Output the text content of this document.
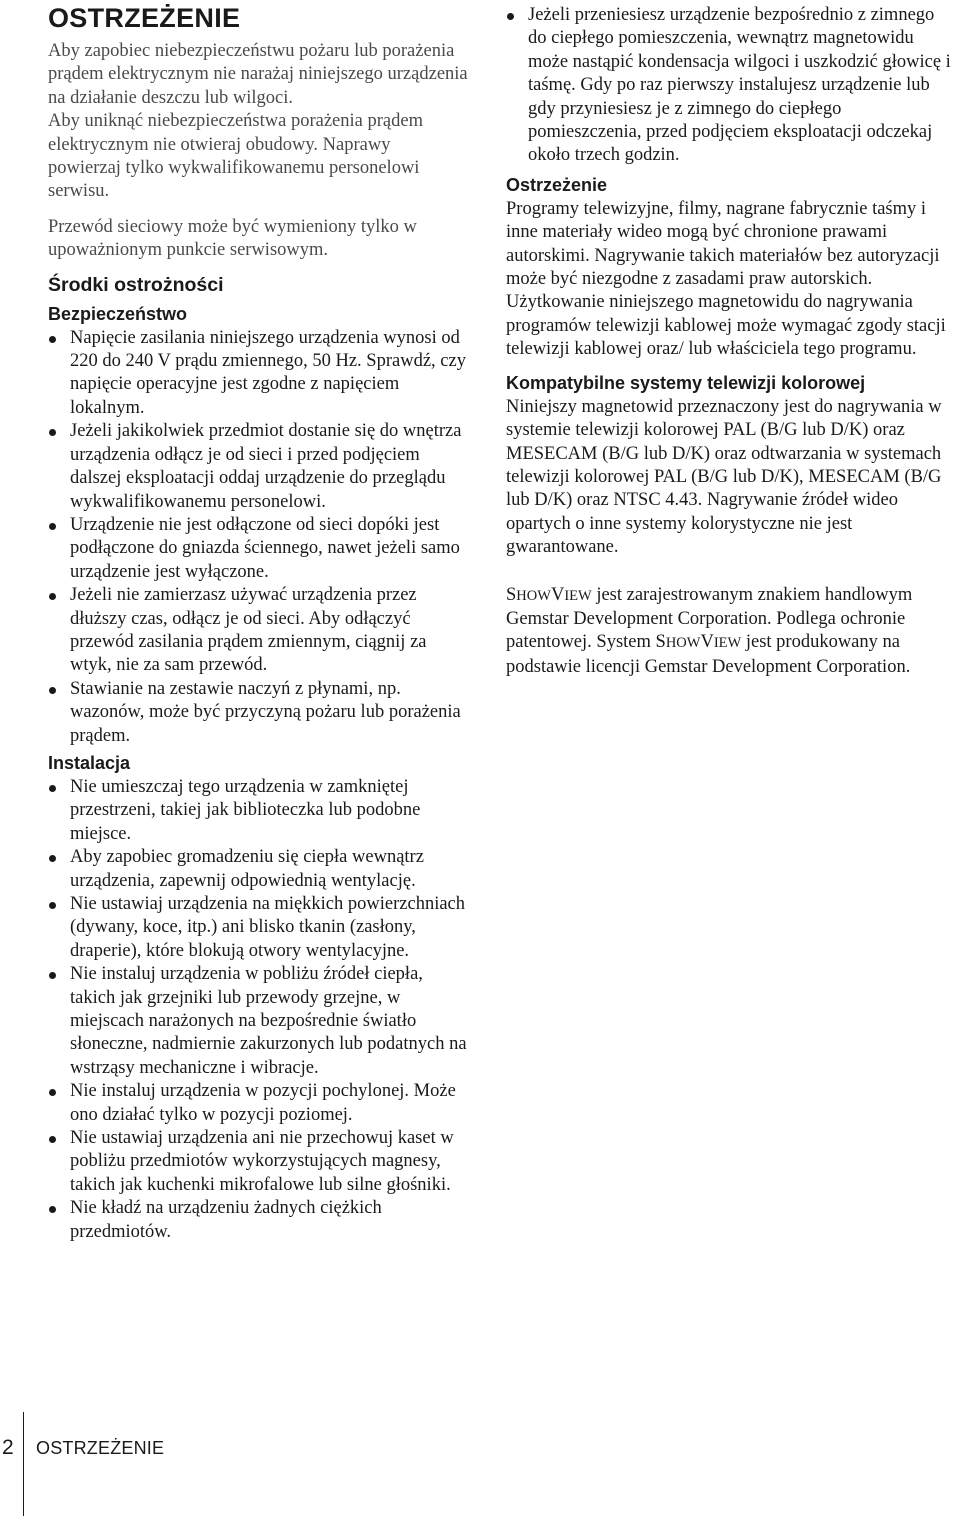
OSTRZEŻENIE

Aby zapobiec niebezpieczeństwu pożaru lub porażenia prądem elektrycznym nie narażaj niniejszego urządzenia na działanie deszczu lub wilgoci.

Aby uniknąć niebezpieczeństwa porażenia prądem elektrycznym nie otwieraj obudowy. Naprawy powierzaj tylko wykwalifikowanemu personelowi serwisu.

Przewód sieciowy może być wymieniony tylko w upoważnionym punkcie serwisowym.

Środki ostrożności
Bezpieczeństwo
Napięcie zasilania niniejszego urządzenia wynosi od 220 do 240 V prądu zmiennego, 50 Hz. Sprawdź, czy napięcie operacyjne jest zgodne z napięciem lokalnym.
Jeżeli jakikolwiek przedmiot dostanie się do wnętrza urządzenia odłącz je od sieci i przed podjęciem dalszej eksploatacji oddaj urządzenie do przeglądu wykwalifikowanemu personelowi.
Urządzenie nie jest odłączone od sieci dopóki jest podłączone do gniazda ściennego, nawet jeżeli samo urządzenie jest wyłączone.
Jeżeli nie zamierzasz używać urządzenia przez dłuższy czas, odłącz je od sieci. Aby odłączyć przewód zasilania prądem zmiennym, ciągnij za wtyk, nie za sam przewód.
Stawianie na zestawie naczyń z płynami, np. wazonów, może być przyczyną pożaru lub porażenia prądem.
Instalacja
Nie umieszczaj tego urządzenia w zamkniętej przestrzeni, takiej jak biblioteczka lub podobne miejsce.
Aby zapobiec gromadzeniu się ciepła wewnątrz urządzenia, zapewnij odpowiednią wentylację.
Nie ustawiaj urządzenia na miękkich powierzchniach (dywany, koce, itp.) ani blisko tkanin (zasłony, draperie), które blokują otwory wentylacyjne.
Nie instaluj urządzenia w pobliżu źródeł ciepła, takich jak grzejniki lub przewody grzejne, w miejscach narażonych na bezpośrednie światło słoneczne, nadmiernie zakurzonych lub podatnych na wstrząsy mechaniczne i wibracje.
Nie instaluj urządzenia w pozycji pochylonej. Może ono działać tylko w pozycji poziomej.
Nie ustawiaj urządzenia ani nie przechowuj kaset w pobliżu przedmiotów wykorzystujących magnesy, takich jak kuchenki mikrofalowe lub silne głośniki.
Nie kładź na urządzeniu żadnych ciężkich przedmiotów.
Jeżeli przeniesiesz urządzenie bezpośrednio z zimnego do ciepłego pomieszczenia, wewnątrz magnetowidu może nastąpić kondensacja wilgoci i uszkodzić głowicę i taśmę. Gdy po raz pierwszy instalujesz urządzenie lub gdy przyniesiesz je z zimnego do ciepłego pomieszczenia, przed podjęciem eksploatacji odczekaj około trzech godzin.
Ostrzeżenie

Programy telewizyjne, filmy, nagrane fabrycznie taśmy i inne materiały wideo mogą być chronione prawami autorskimi. Nagrywanie takich materiałów bez autoryzacji może być niezgodne z zasadami praw autorskich. Użytkowanie niniejszego magnetowidu do nagrywania programów telewizji kablowej może wymagać zgody stacji telewizji kablowej oraz/ lub właściciela tego programu.

Kompatybilne systemy telewizji kolorowej

Niniejszy magnetowid przeznaczony jest do nagrywania w systemie telewizji kolorowej PAL (B/G lub D/K) oraz MESECAM (B/G lub D/K) oraz odtwarzania w systemach telewizji kolorowej PAL (B/G lub D/K), MESECAM (B/G lub D/K) oraz NTSC 4.43. Nagrywanie źródeł wideo opartych o inne systemy kolorystyczne nie jest gwarantowane.

SHOWVIEW jest zarajestrowanym znakiem handlowym Gemstar Development Corporation. Podlega ochronie patentowej. System SHOWVIEW jest produkowany na podstawie licencji Gemstar Development Corporation.

2 OSTRZEŻENIE
